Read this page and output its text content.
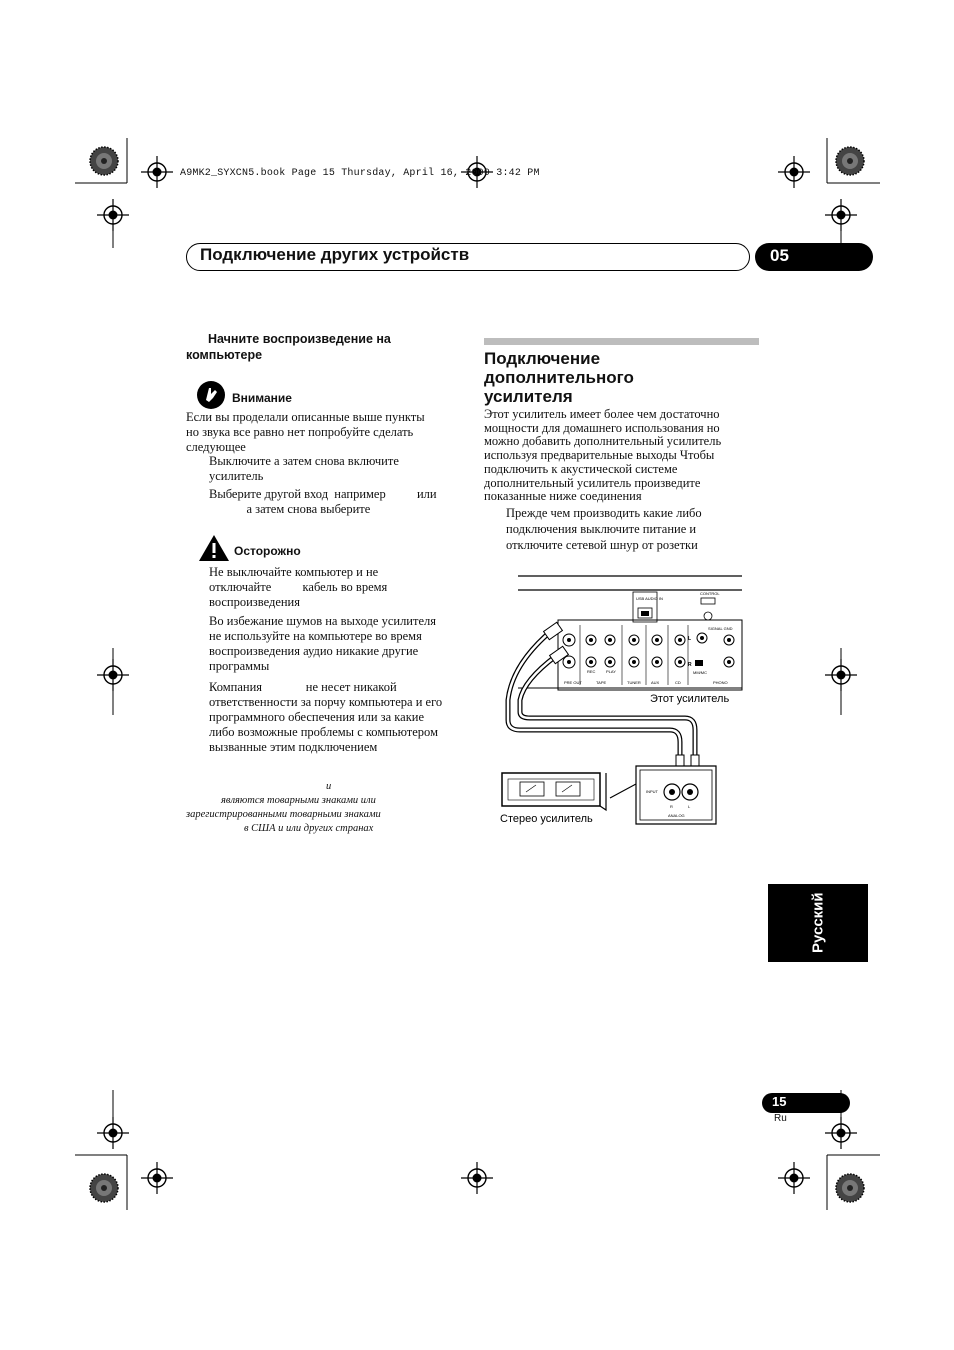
A9MK2_SYXCN5.book Page 15 Thursday, April 16, 2009 3:42 PM
Подключение других устройств	05
Начните воспроизведение на
компьютере
Внимание
Если вы проделали описанные выше пункты
но звука все равно нет попробуйте сделать
следующее
Выключите а затем снова включите
усилитель
Выберите другой вход  например          или
а затем снова выберите
Осторожно
Не выключайте компьютер и не
отключайте          кабель во время
воспроизведения
Во избежание шумов на выходе усилителя
не используйте на компьютере во время
воспроизведения аудио никакие другие
программы
Компания              не несет никакой
ответственности за порчу компьютера и его
программного обеспечения или за какие
либо возможные проблемы с компьютером
вызванные этим подключением
и
являются товарными знаками или
зарегистрированными товарными знаками
в США и или других странах
Подключение
дополнительного
усилителя
Этот усилитель имеет более чем достаточно
мощности для домашнего использования но
можно добавить дополнительный усилитель
используя предварительные выходы Чтобы
подключить к акустической системе
дополнительный усилитель произведите
показанные ниже соединения
Прежде чем производить какие либо
подключения выключите питание и
отключите сетевой шнур от розетки
USB AUDIO IN
CONTROL
PRE OUT
REC	PLAY
TAPE	TUNER	AUX	CD	PHONO
MM/MC
SIGNAL GND
R
L
Этот усилитель
Стерео усилитель
INPUT
ANALOG
R	L
Русский
15
Ru
